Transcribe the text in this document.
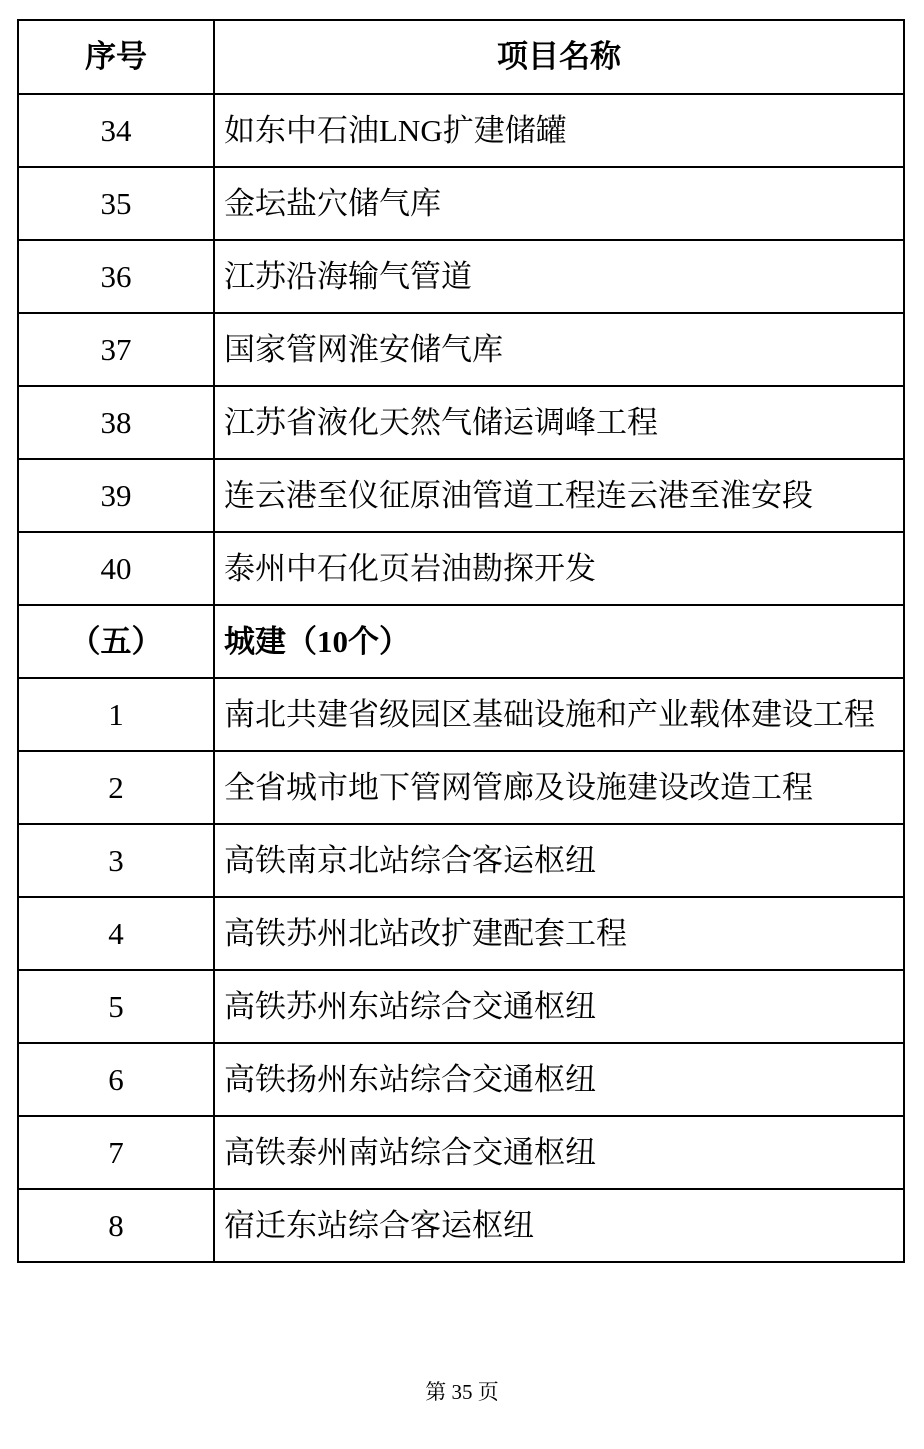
序号	项目名称
34	如东中石油LNG扩建储罐
35	金坛盐穴储气库
36	江苏沿海输气管道
37	国家管网淮安储气库
38	江苏省液化天然气储运调峰工程
39	连云港至仪征原油管道工程连云港至淮安段
40	泰州中石化页岩油勘探开发
（五）	城建（10个）
1	南北共建省级园区基础设施和产业载体建设工程
2	全省城市地下管网管廊及设施建设改造工程
3	高铁南京北站综合客运枢纽
4	高铁苏州北站改扩建配套工程
5	高铁苏州东站综合交通枢纽
6	高铁扬州东站综合交通枢纽
7	高铁泰州南站综合交通枢纽
8	宿迁东站综合客运枢纽
第 35 页
